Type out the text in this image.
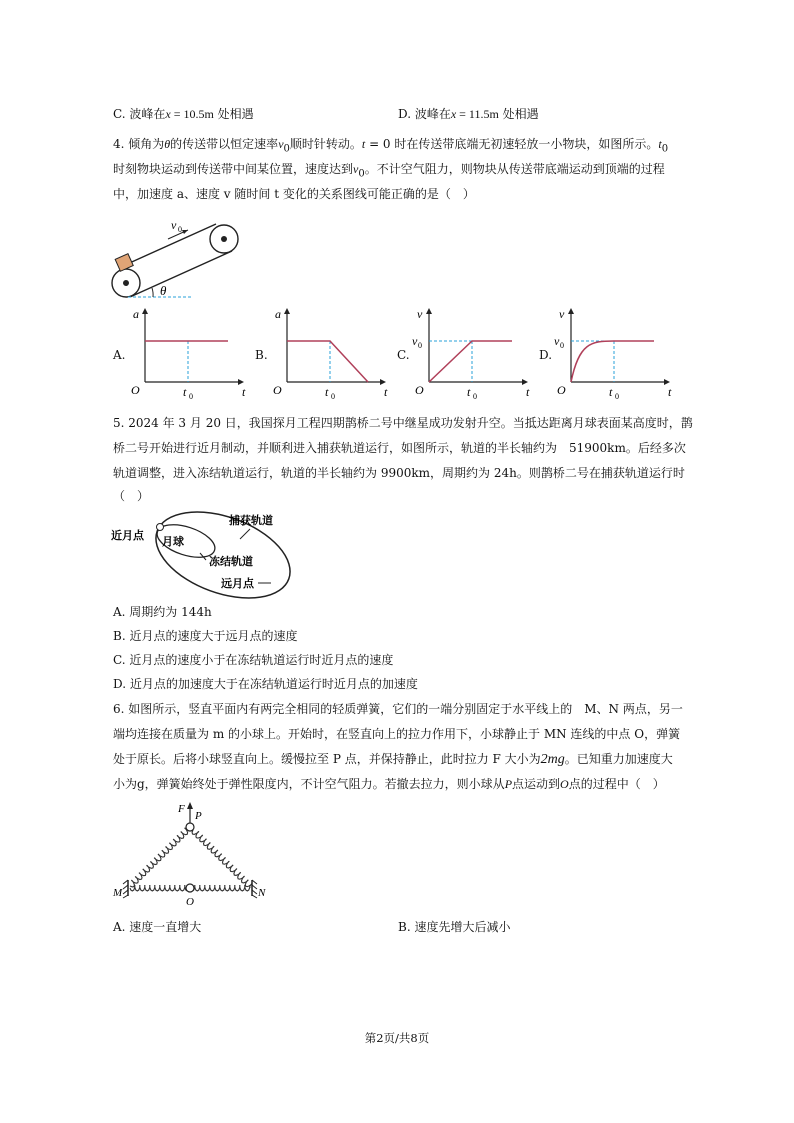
C. 波峰在x = 10.5m 处相遇	D. 波峰在x = 11.5m 处相遇
4. 倾角为θ的传送带以恒定速率$v_0$顺时针转动。t = 0 时在传送带底端无初速轻放一小物块，如图所示。$t_0$
时刻物块运动到传送带中间某位置，速度达到$v_0$。不计空气阻力，则物块从传送带底端运动到顶端的过程
中，加速度 a、速度 v 随时间 t 变化的关系图线可能正确的是（　）
θ
v 0
A.
a
t
O	t 0
B.
a
t
O	t 0
C.
v
t
O	t 0
v 0
D.
v
t
O	t 0
v 0
5. 2024 年 3 月 20 日，我国探月工程四期鹊桥二号中继星成功发射升空。当抵达距离月球表面某高度时，鹊
桥二号开始进行近月制动，并顺利进入捕获轨道运行，如图所示，轨道的半长轴约为　51900km。后经多次
轨道调整，进入冻结轨道运行，轨道的半长轴约为 9900km，周期约为 24h。则鹊桥二号在捕获轨道运行时
（　）
近月点 月球
捕获轨道
冻结轨道
远月点
A. 周期约为 144h
B. 近月点的速度大于远月点的速度
C. 近月点的速度小于在冻结轨道运行时近月点的速度
D. 近月点的加速度大于在冻结轨道运行时近月点的加速度
6. 如图所示，竖直平面内有两完全相同的轻质弹簧，它们的一端分别固定于水平线上的　M、N 两点，另一
端均连接在质量为 m 的小球上。开始时，在竖直向上的拉力作用下，小球静止于 MN 连线的中点 O，弹簧
处于原长。后将小球竖直向上。缓慢拉至 P 点，并保持静止，此时拉力 F 大小为2mg。已知重力加速度大
小为g，弹簧始终处于弹性限度内，不计空气阻力。若撤去拉力，则小球从P点运动到O点的过程中（　）
F
P
M	N
O
A. 速度一直增大	B. 速度先增大后减小
第2页/共8页
